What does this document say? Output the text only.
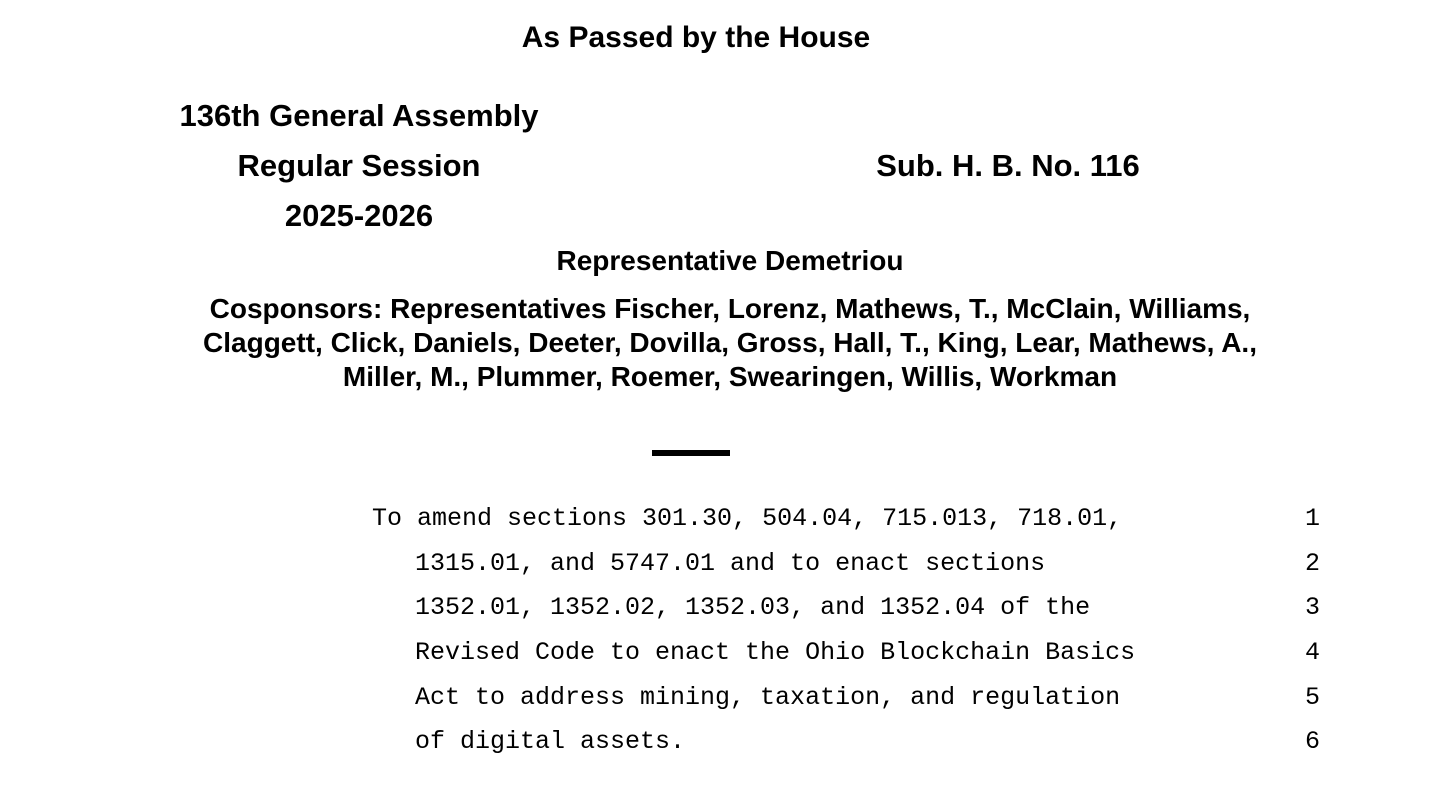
As Passed by the House
136th General Assembly
Regular Session
2025-2026
Sub. H. B. No. 116
Representative Demetriou
Cosponsors: Representatives Fischer, Lorenz, Mathews, T., McClain, Williams,
Claggett, Click, Daniels, Deeter, Dovilla, Gross, Hall, T., King, Lear, Mathews, A.,
Miller, M., Plummer, Roemer, Swearingen, Willis, Workman
To amend sections 301.30, 504.04, 715.013, 718.01,	1
1315.01, and 5747.01 and to enact sections	2
1352.01, 1352.02, 1352.03, and 1352.04 of the	3
Revised Code to enact the Ohio Blockchain Basics	4
Act to address mining, taxation, and regulation	5
of digital assets.	6
